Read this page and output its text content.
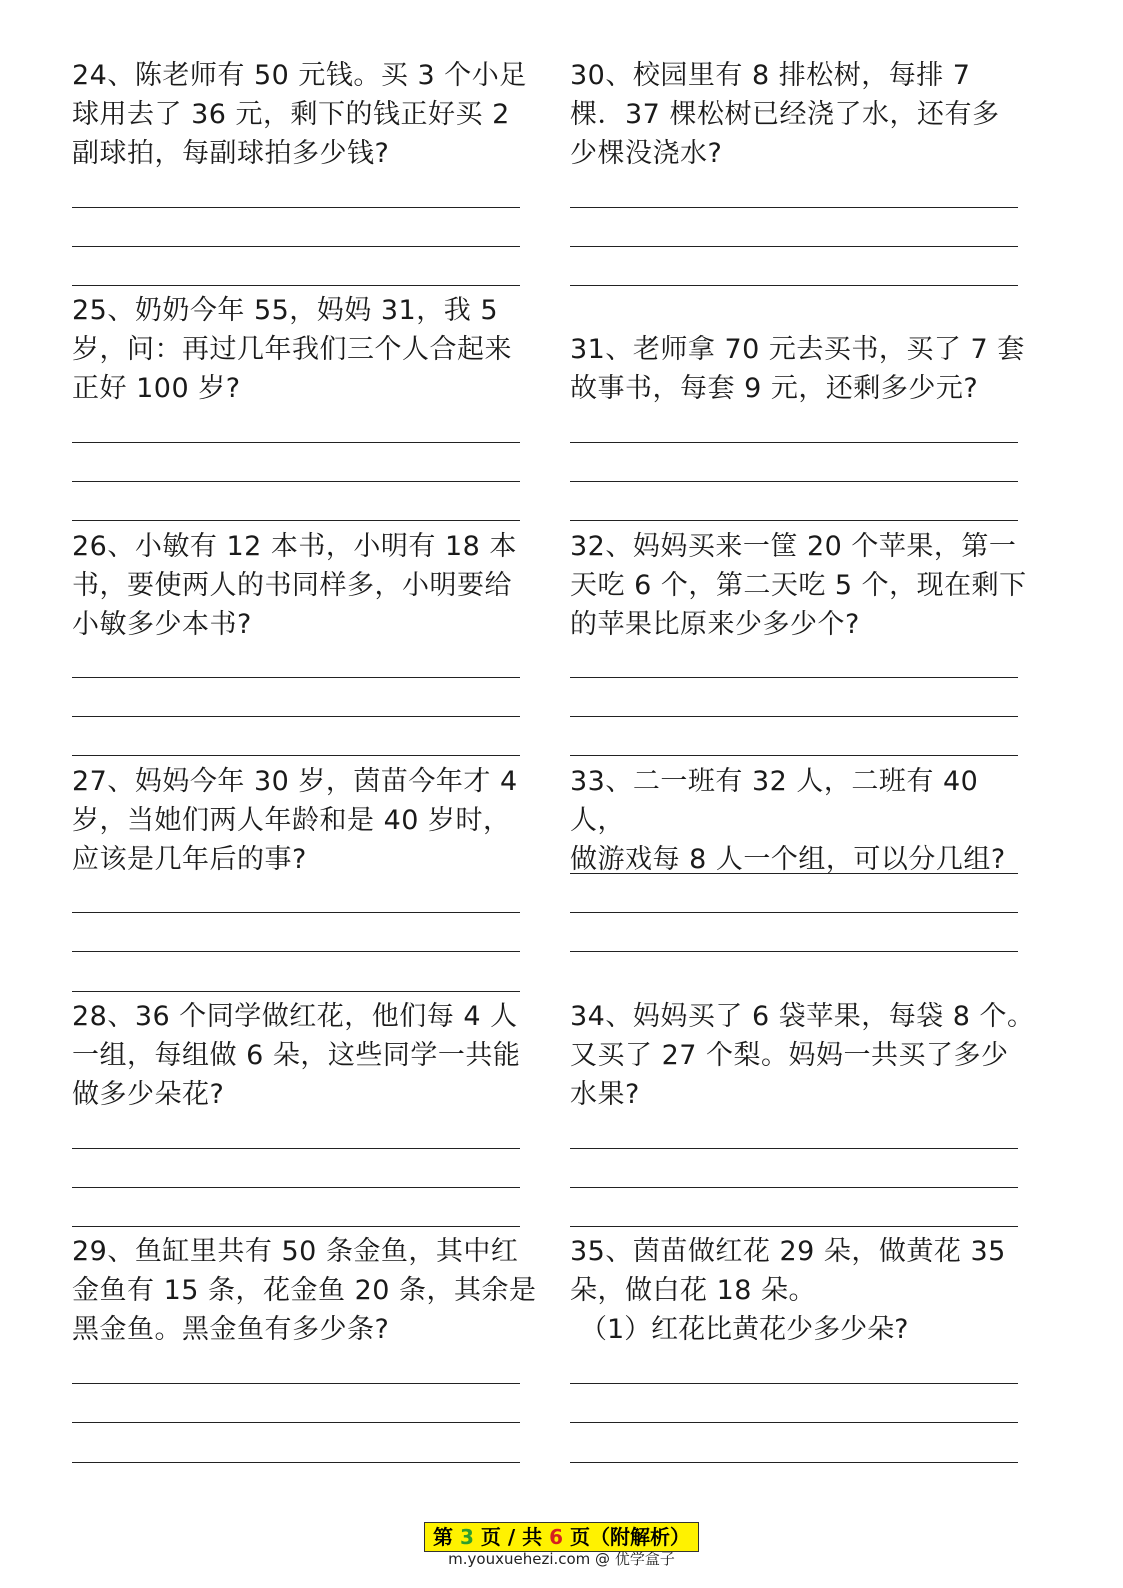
24、陈老师有 50 元钱。买 3 个小足
球用去了 36 元，剩下的钱正好买 2
副球拍，每副球拍多少钱?

25、奶奶今年 55，妈妈 31，我 5
岁，问：再过几年我们三个人合起来
正好 100 岁?

26、小敏有 12 本书，小明有 18 本
书，要使两人的书同样多，小明要给
小敏多少本书?

27、妈妈今年 30 岁，茵苗今年才 4
岁，当她们两人年龄和是 40 岁时，
应该是几年后的事?

28、36 个同学做红花，他们每 4 人
一组，每组做 6 朵，这些同学一共能
做多少朵花?

29、鱼缸里共有 50 条金鱼，其中红
金鱼有 15 条，花金鱼 20 条，其余是
黑金鱼。黑金鱼有多少条?

30、校园里有 8 排松树，每排 7
棵．37 棵松树已经浇了水，还有多
少棵没浇水?

31、老师拿 70 元去买书，买了 7 套
故事书，每套 9 元，还剩多少元?

32、妈妈买来一筐 20 个苹果，第一
天吃 6 个，第二天吃 5 个，现在剩下
的苹果比原来少多少个?

33、二一班有 32 人，二班有 40 人，
做游戏每 8 人一个组，可以分几组?

34、妈妈买了 6 袋苹果，每袋 8 个。
又买了 27 个梨。妈妈一共买了多少
水果?

35、茵苗做红花 29 朵，做黄花 35
朵，做白花 18 朵。

（1）红花比黄花少多少朵?
第 3 页 / 共 6 页（附解析）
m.youxuehezi.com @ 优学盒子
